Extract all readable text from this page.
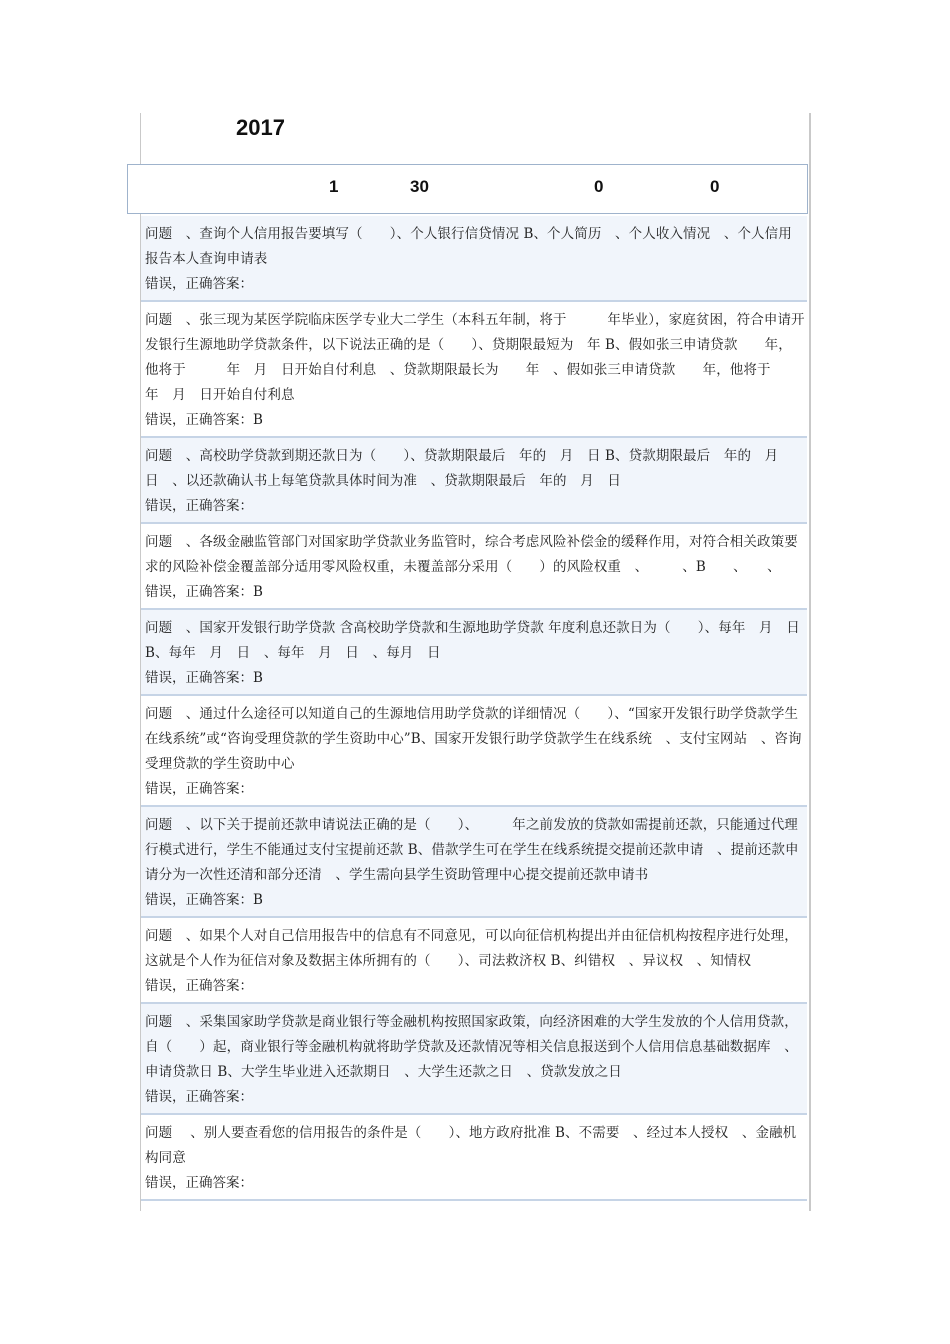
2017
1	30	0	0
问题　、查询个人信用报告要填写（　　）、个人银行信贷情况 B、个人简历　、个人收入情况　、个人信用报告本人查询申请表
错误，正确答案：
问题　、张三现为某医学院临床医学专业大二学生（本科五年制，将于　　　年毕业），家庭贫困，符合申请开发银行生源地助学贷款条件，以下说法正确的是（　　）、贷期限最短为　年 B、假如张三申请贷款　　年，他将于　　　年　月　日开始自付利息　、贷款期限最长为　　年　、假如张三申请贷款　　年，他将于　　　年　月　日开始自付利息
错误，正确答案：B
问题　、高校助学贷款到期还款日为（　　）、贷款期限最后　年的　月　日 B、贷款期限最后　年的　月　日　、以还款确认书上每笔贷款具体时间为准　、贷款期限最后　年的　月　日
错误，正确答案：
问题　、各级金融监管部门对国家助学贷款业务监管时，综合考虑风险补偿金的缓释作用，对符合相关政策要求的风险补偿金覆盖部分适用零风险权重，未覆盖部分采用（　　）的风险权重　、　　　、B　　、　　、
错误，正确答案：B
问题　、国家开发银行助学贷款 含高校助学贷款和生源地助学贷款 年度利息还款日为（　　）、每年　月　日 B、每年　月　日　、每年　月　日　、每月　日
错误，正确答案：B
问题　、通过什么途径可以知道自己的生源地信用助学贷款的详细情况（　　）、“国家开发银行助学贷款学生在线系统”或“咨询受理贷款的学生资助中心”B、国家开发银行助学贷款学生在线系统　、支付宝网站　、咨询受理贷款的学生资助中心
错误，正确答案：
问题　、以下关于提前还款申请说法正确的是（　　）、　　　年之前发放的贷款如需提前还款，只能通过代理行模式进行，学生不能通过支付宝提前还款 B、借款学生可在学生在线系统提交提前还款申请　、提前还款申请分为一次性还清和部分还清　、学生需向县学生资助管理中心提交提前还款申请书
错误，正确答案：B
问题　、如果个人对自己信用报告中的信息有不同意见，可以向征信机构提出并由征信机构按程序进行处理，这就是个人作为征信对象及数据主体所拥有的（　　）、司法救济权 B、纠错权　、异议权　、知情权
错误，正确答案：
问题　、采集国家助学贷款是商业银行等金融机构按照国家政策，向经济困难的大学生发放的个人信用贷款，自（　　）起，商业银行等金融机构就将助学贷款及还款情况等相关信息报送到个人信用信息基础数据库　、申请贷款日 B、大学生毕业进入还款期日　、大学生还款之日　、贷款发放之日
错误，正确答案：
问题　 、别人要查看您的信用报告的条件是（　　）、地方政府批准 B、不需要　、经过本人授权　、金融机构同意
错误，正确答案：
